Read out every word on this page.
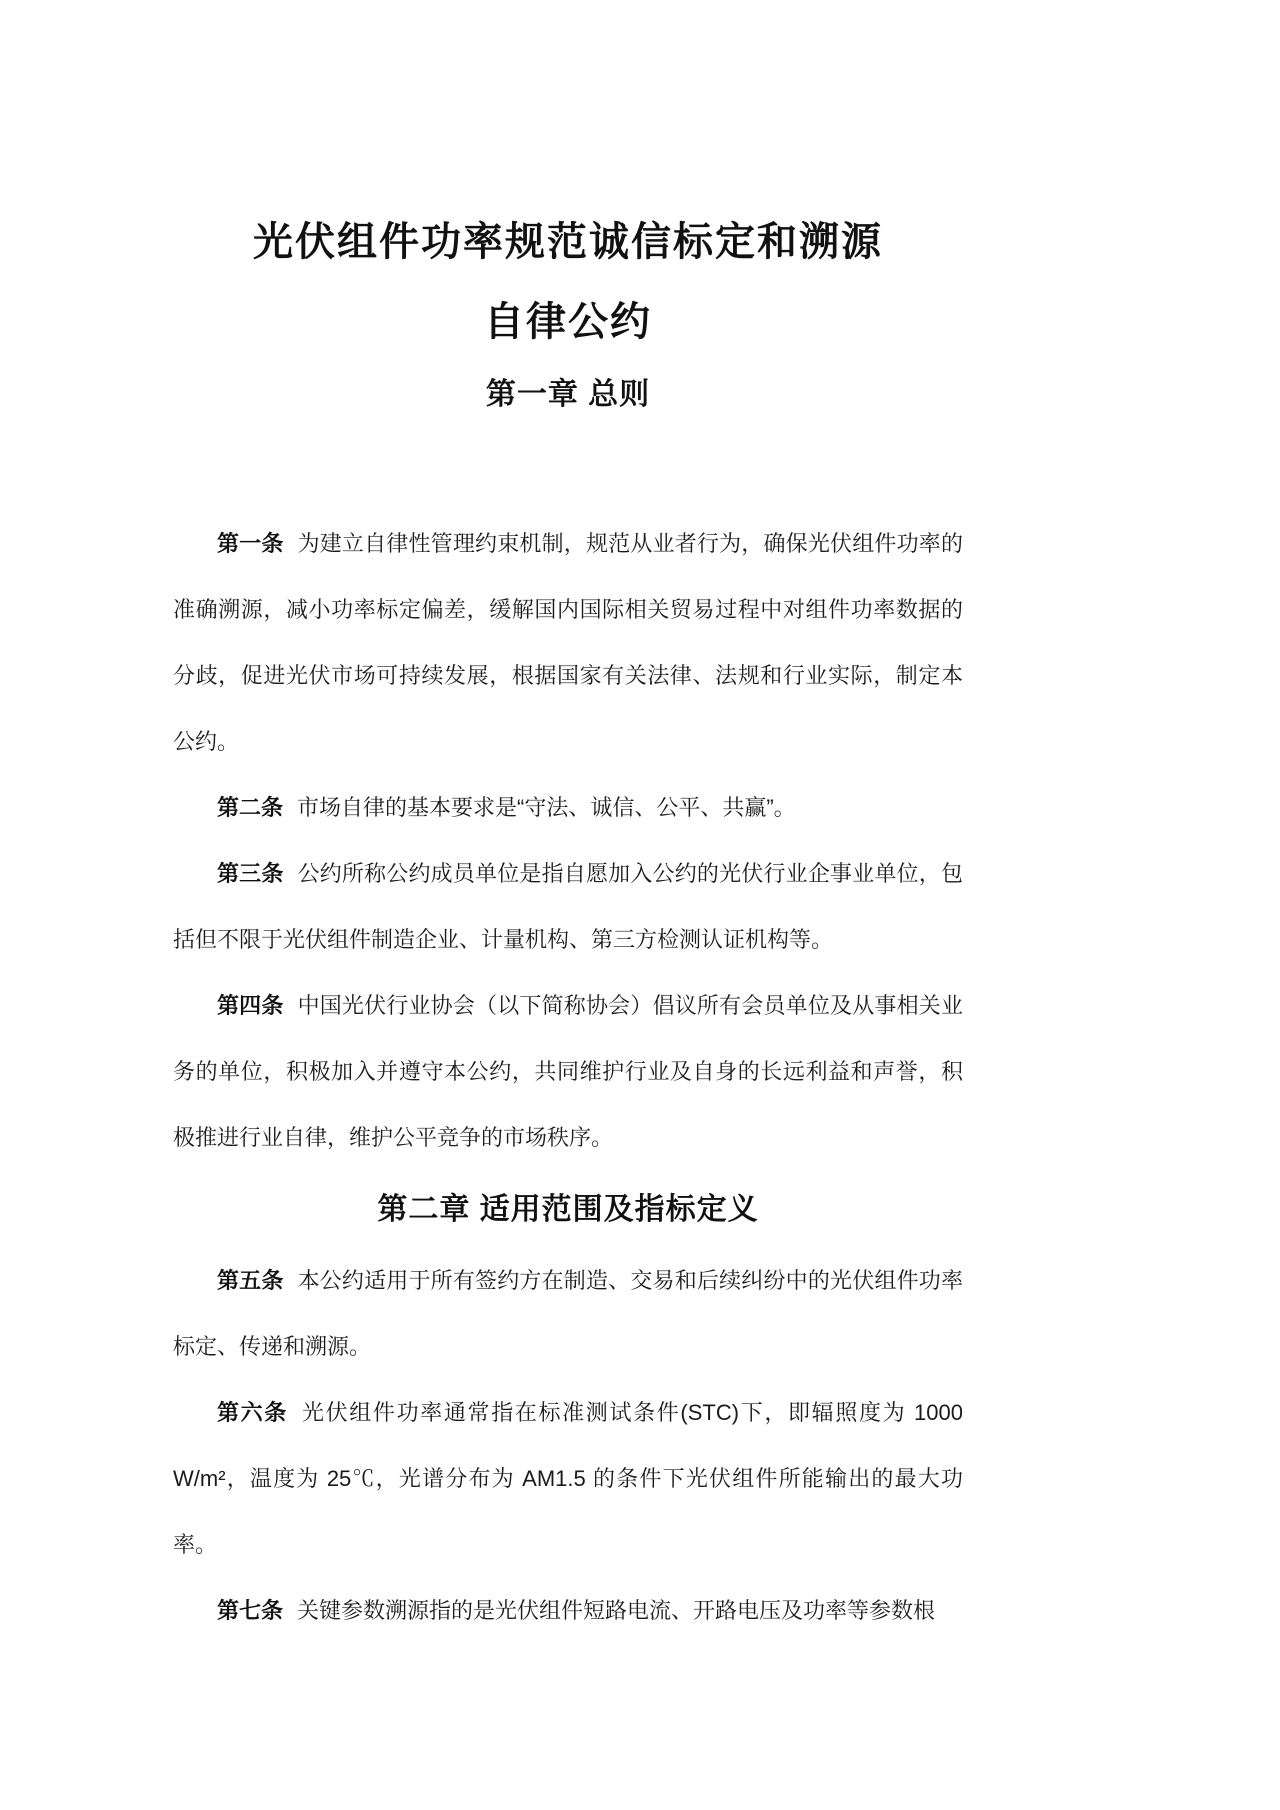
光伏组件功率规范诚信标定和溯源
自律公约
第一章 总则

第一条 为建立自律性管理约束机制，规范从业者行为，确保光伏组件功率的准确溯源，减小功率标定偏差，缓解国内国际相关贸易过程中对组件功率数据的分歧，促进光伏市场可持续发展，根据国家有关法律、法规和行业实际，制定本公约。

第二条 市场自律的基本要求是“守法、诚信、公平、共赢”。

第三条 公约所称公约成员单位是指自愿加入公约的光伏行业企事业单位，包括但不限于光伏组件制造企业、计量机构、第三方检测认证机构等。

第四条 中国光伏行业协会（以下简称协会）倡议所有会员单位及从事相关业务的单位，积极加入并遵守本公约，共同维护行业及自身的长远利益和声誉，积极推进行业自律，维护公平竞争的市场秩序。

第二章 适用范围及指标定义

第五条 本公约适用于所有签约方在制造、交易和后续纠纷中的光伏组件功率标定、传递和溯源。

第六条 光伏组件功率通常指在标准测试条件(STC)下，即辐照度为 1000 W/m²，温度为 25℃，光谱分布为 AM1.5 的条件下光伏组件所能输出的最大功率。

第七条 关键参数溯源指的是光伏组件短路电流、开路电压及功率等参数根
